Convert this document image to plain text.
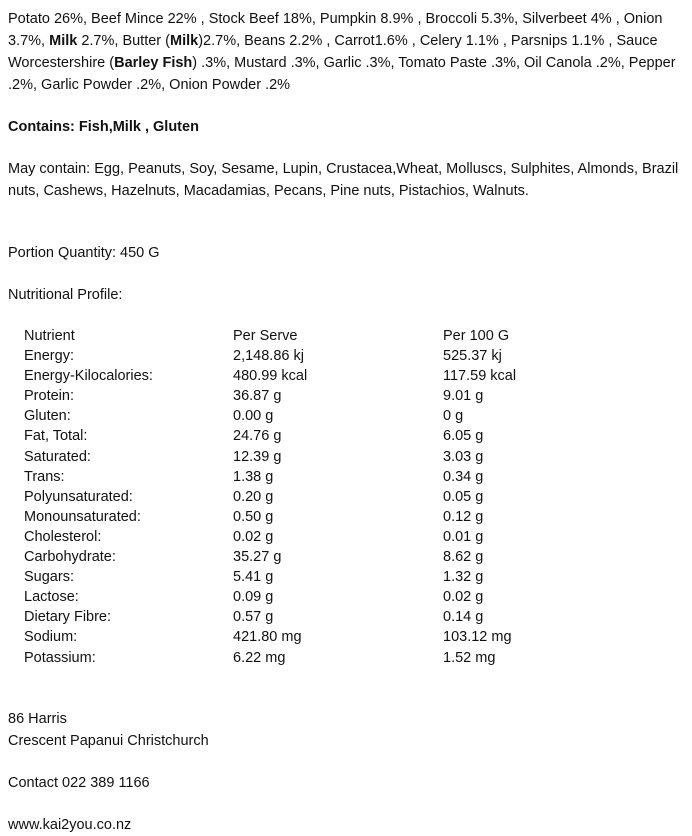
Potato 26%, Beef Mince 22% , Stock Beef 18%, Pumpkin 8.9% , Broccoli 5.3%, Silverbeet 4% , Onion 3.7%, Milk 2.7%, Butter (Milk)2.7%, Beans 2.2% , Carrot1.6% , Celery 1.1% , Parsnips 1.1% , Sauce Worcestershire (Barley Fish) .3%, Mustard .3%, Garlic .3%, Tomato Paste .3%, Oil Canola .2%, Pepper .2%, Garlic Powder .2%, Onion Powder .2%

Contains: Fish,Milk , Gluten

May contain: Egg, Peanuts, Soy, Sesame, Lupin, Crustacea,Wheat, Molluscs, Sulphites, Almonds, Brazil nuts, Cashews, Hazelnuts, Macadamias, Pecans, Pine nuts, Pistachios, Walnuts.

Portion Quantity: 450 G

Nutritional Profile:

Nutrient	Per Serve	Per 100 G
Energy:	2,148.86 kj	525.37 kj
Energy-Kilocalories:	480.99 kcal	117.59 kcal
Protein:	36.87 g	9.01 g
Gluten:	0.00 g	0 g
Fat, Total:	24.76 g	6.05 g
Saturated:	12.39 g	3.03 g
Trans:	1.38 g	0.34 g
Polyunsaturated:	0.20 g	0.05 g
Monounsaturated:	0.50 g	0.12 g
Cholesterol:	0.02 g	0.01 g
Carbohydrate:	35.27 g	8.62 g
Sugars:	5.41 g	1.32 g
Lactose:	0.09 g	0.02 g
Dietary Fibre:	0.57 g	0.14 g
Sodium:	421.80 mg	103.12 mg
Potassium:	6.22 mg	1.52 mg

86 Harris

Crescent Papanui Christchurch

Contact 022 389 1166

www.kai2you.co.nz
